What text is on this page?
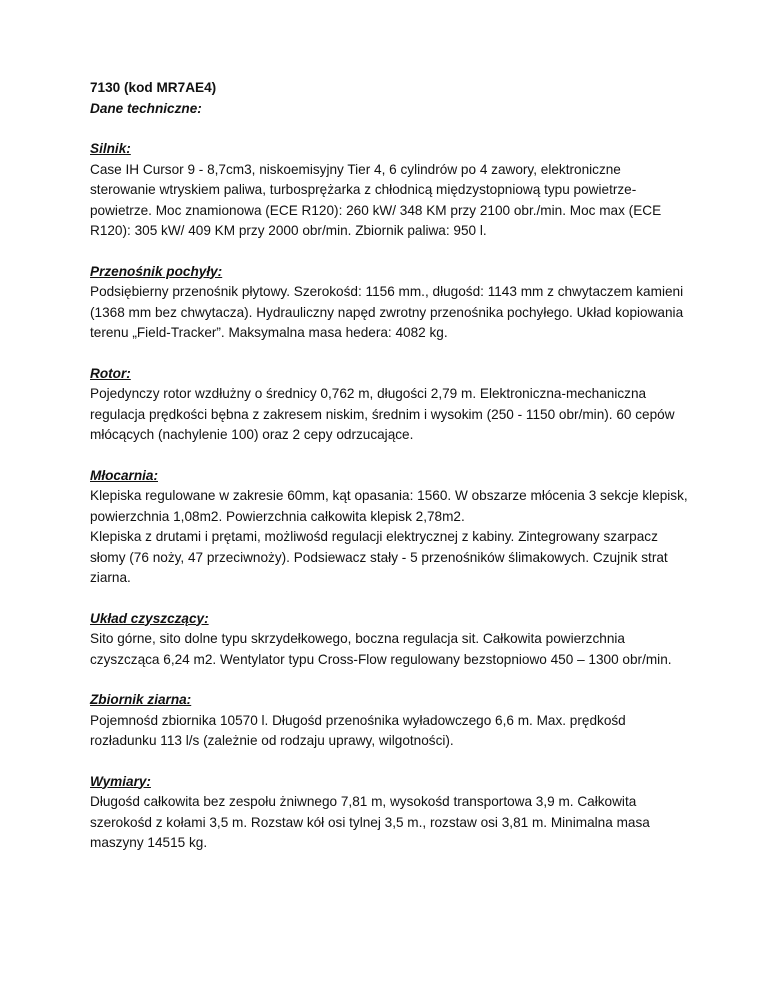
7130 (kod MR7AE4)

Dane techniczne:

Silnik:

Case IH Cursor 9 - 8,7cm3, niskoemisyjny Tier 4, 6 cylindrów po 4 zawory, elektroniczne sterowanie wtryskiem paliwa, turbosprężarka z chłodnicą międzystopniową typu powietrze-powietrze. Moc znamionowa (ECE R120): 260 kW/ 348 KM przy 2100 obr./min. Moc max (ECE R120): 305 kW/ 409 KM przy 2000 obr/min. Zbiornik paliwa: 950 l.

Przenośnik pochyły:

Podsiębierny przenośnik płytowy. Szerokośd: 1156 mm., długośd: 1143 mm z chwytaczem kamieni (1368 mm bez chwytacza). Hydrauliczny napęd zwrotny przenośnika pochyłego. Układ kopiowania terenu „Field-Tracker”. Maksymalna masa hedera: 4082 kg.

Rotor:

Pojedynczy rotor wzdłużny o średnicy 0,762 m, długości 2,79 m. Elektroniczna-mechaniczna regulacja prędkości bębna z zakresem niskim, średnim i wysokim (250 - 1150 obr/min). 60 cepów młócących (nachylenie 100) oraz 2 cepy odrzucające.

Młocarnia:

Klepiska regulowane w zakresie 60mm, kąt opasania: 1560. W obszarze młócenia 3 sekcje klepisk, powierzchnia 1,08m2. Powierzchnia całkowita klepisk 2,78m2.

Klepiska z drutami i prętami, możliwośd regulacji elektrycznej z kabiny. Zintegrowany szarpacz słomy (76 noży, 47 przeciwnoży). Podsiewacz stały - 5 przenośników ślimakowych. Czujnik strat ziarna.

Układ czyszczący:

Sito górne, sito dolne typu skrzydełkowego, boczna regulacja sit. Całkowita powierzchnia czyszcząca 6,24 m2. Wentylator typu Cross-Flow regulowany bezstopniowo 450 – 1300 obr/min.

Zbiornik ziarna:

Pojemnośd zbiornika 10570 l. Długośd przenośnika wyładowczego 6,6 m. Max. prędkośd rozładunku 113 l/s (zależnie od rodzaju uprawy, wilgotności).

Wymiary:

Długośd całkowita bez zespołu żniwnego 7,81 m, wysokośd transportowa 3,9 m. Całkowita szerokośd z kołami 3,5 m. Rozstaw kół osi tylnej 3,5 m., rozstaw osi 3,81 m. Minimalna masa maszyny 14515 kg.
